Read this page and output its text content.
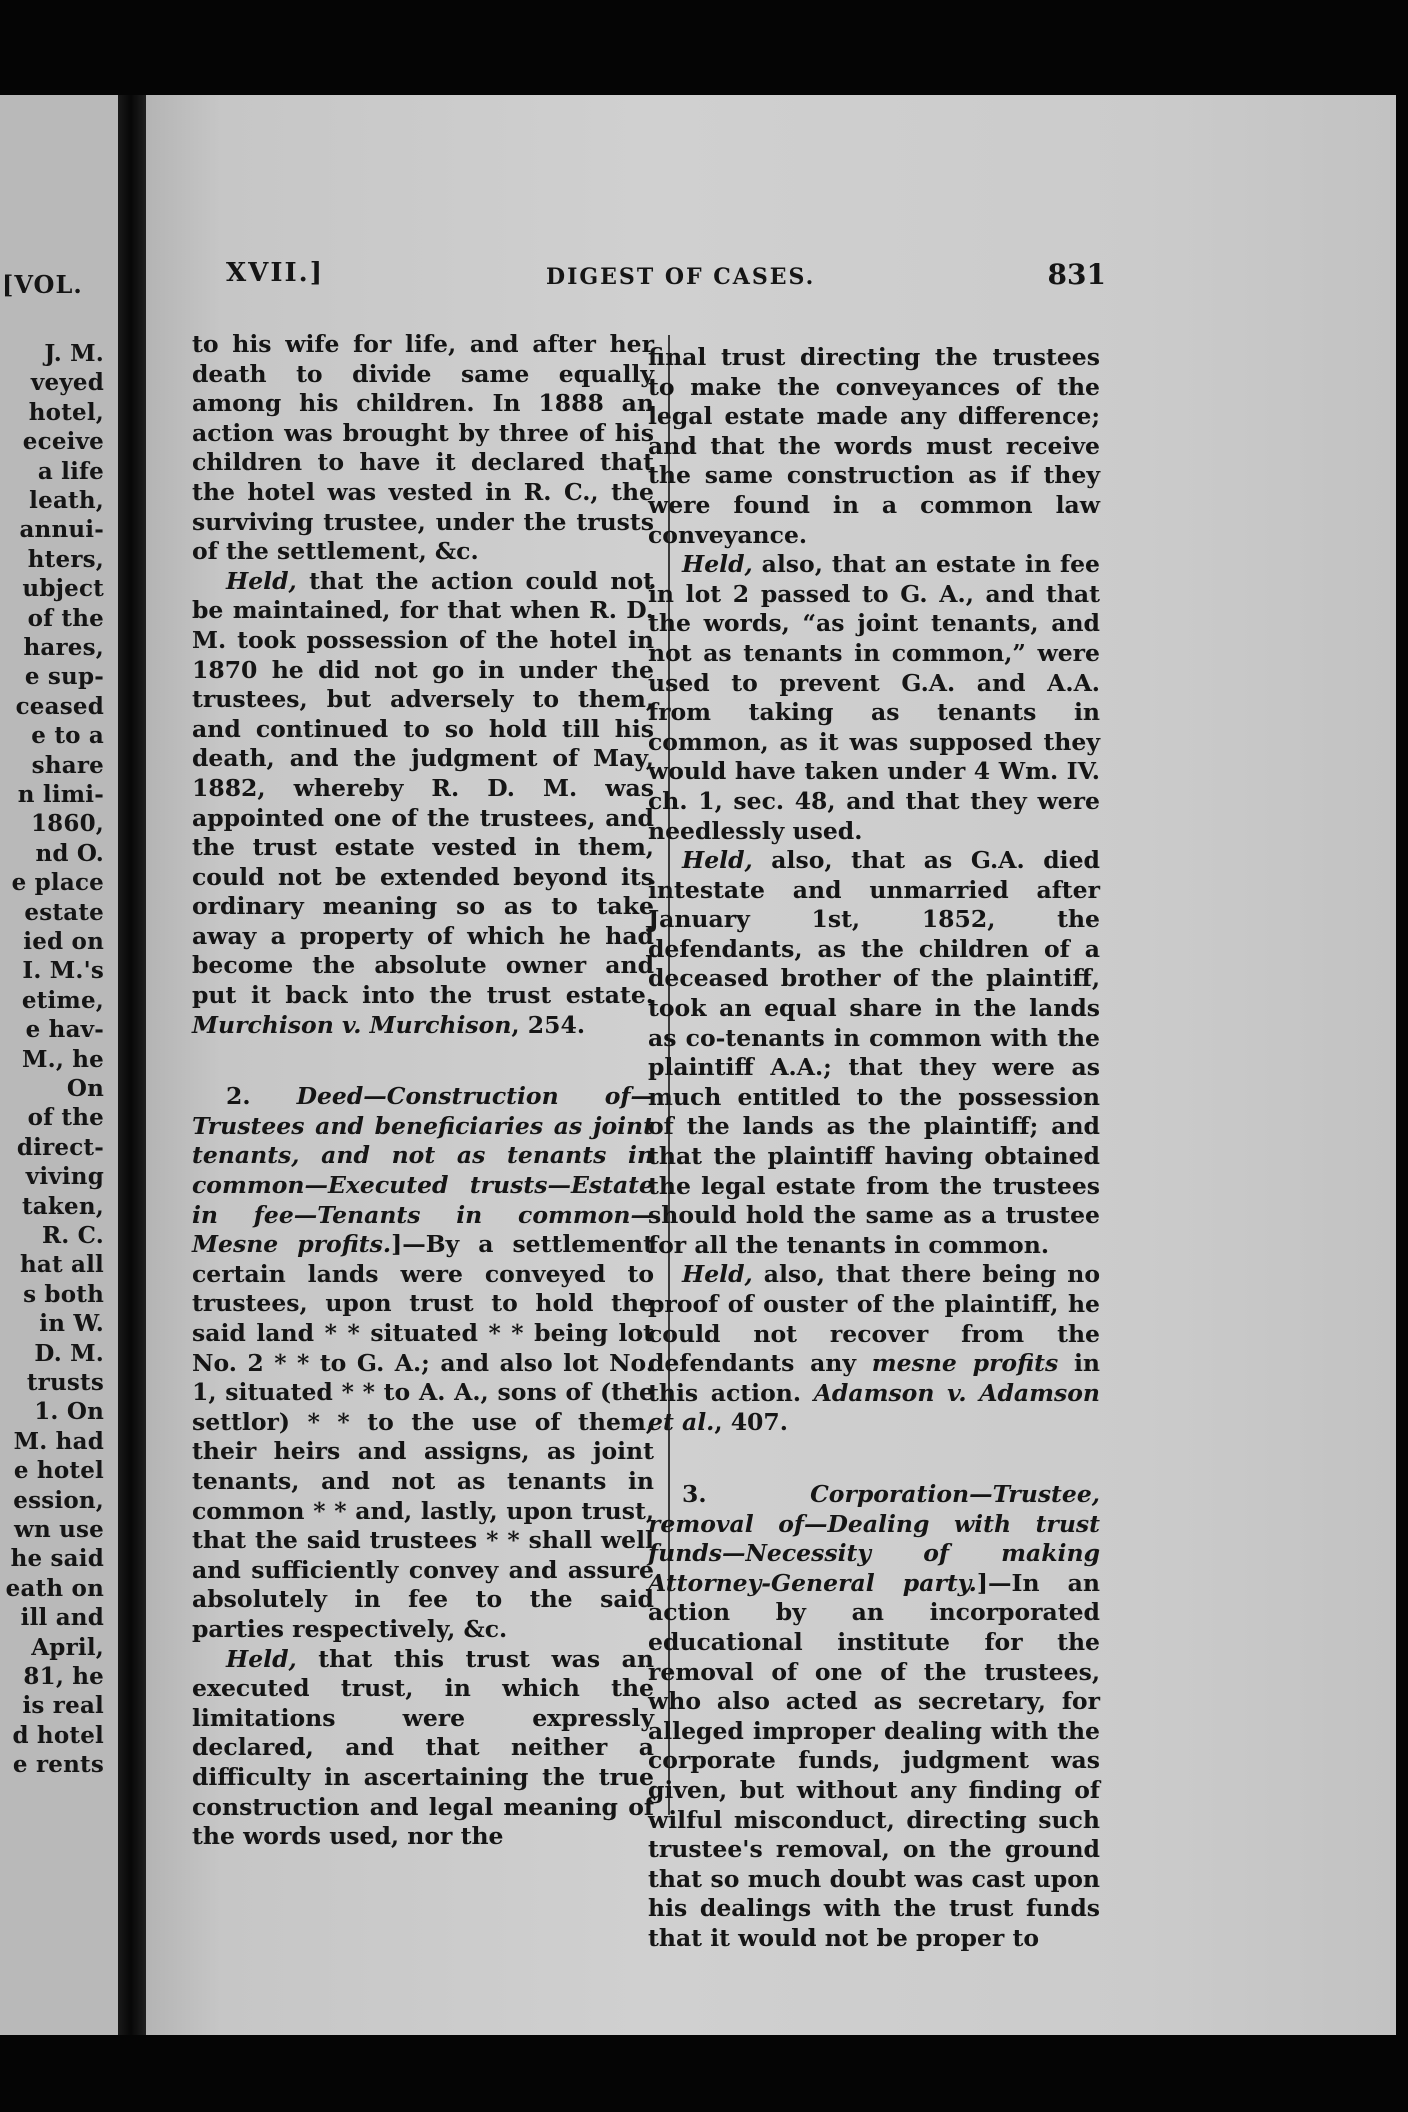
[VOL.
J. M.
veyed
hotel,
eceive
a life
leath,
annui-
hters,
ubject
of the
hares,
e sup-
ceased
e to a
share
n limi-
1860,
nd O.
e place
estate
ied on
I. M.'s
etime,
e hav-
M., he
On
of the
direct-
viving
taken,
R. C.
hat all
s both
in W.
D. M.
trusts
1. On
M. had
e hotel
ession,
wn use
he said
eath on
ill and
April,
81, he
is real
d hotel
e rents
XVII.]	DIGEST OF CASES.	831

to his wife for life, and after her death to divide same equally among his children. In 1888 an action was brought by three of his children to have it declared that the hotel was vested in R. C., the surviving trustee, under the trusts of the settlement, &c.

Held, that the action could not be maintained, for that when R. D. M. took possession of the hotel in 1870 he did not go in under the trustees, but adversely to them, and continued to so hold till his death, and the judgment of May, 1882, whereby R. D. M. was appointed one of the trustees, and the trust estate vested in them, could not be extended beyond its ordinary meaning so as to take away a property of which he had become the absolute owner and put it back into the trust estate. Murchison v. Murchison, 254.

2. Deed—Construction of—Trustees and beneficiaries as joint tenants, and not as tenants in common—Executed trusts—Estate in fee—Tenants in common—Mesne profits.]—By a settlement certain lands were conveyed to trustees, upon trust to hold the said land * * situated * * being lot No. 2 * * to G. A.; and also lot No. 1, situated * * to A. A., sons of (the settlor) * * to the use of them, their heirs and assigns, as joint tenants, and not as tenants in common * * and, lastly, upon trust, that the said trustees * * shall well and sufficiently convey and assure absolutely in fee to the said parties respectively, &c.

Held, that this trust was an executed trust, in which the limitations were expressly declared, and that neither a difficulty in ascertaining the true construction and legal meaning of the words used, nor the

final trust directing the trustees to make the conveyances of the legal estate made any difference; and that the words must receive the same construction as if they were found in a common law conveyance.

Held, also, that an estate in fee in lot 2 passed to G. A., and that the words, “as joint tenants, and not as tenants in common,” were used to prevent G.A. and A.A. from taking as tenants in common, as it was supposed they would have taken under 4 Wm. IV. ch. 1, sec. 48, and that they were needlessly used.

Held, also, that as G.A. died intestate and unmarried after January 1st, 1852, the defendants, as the children of a deceased brother of the plaintiff, took an equal share in the lands as co-tenants in common with the plaintiff A.A.; that they were as much entitled to the possession of the lands as the plaintiff; and that the plaintiff having obtained the legal estate from the trustees should hold the same as a trustee for all the tenants in common.

Held, also, that there being no proof of ouster of the plaintiff, he could not recover from the defendants any mesne profits in this action. Adamson v. Adamson et al., 407.

3. Corporation—Trustee, removal of—Dealing with trust funds—Necessity of making Attorney-General party.]—In an action by an incorporated educational institute for the removal of one of the trustees, who also acted as secretary, for alleged improper dealing with the corporate funds, judgment was given, but without any finding of wilful misconduct, directing such trustee's removal, on the ground that so much doubt was cast upon his dealings with the trust funds that it would not be proper to
